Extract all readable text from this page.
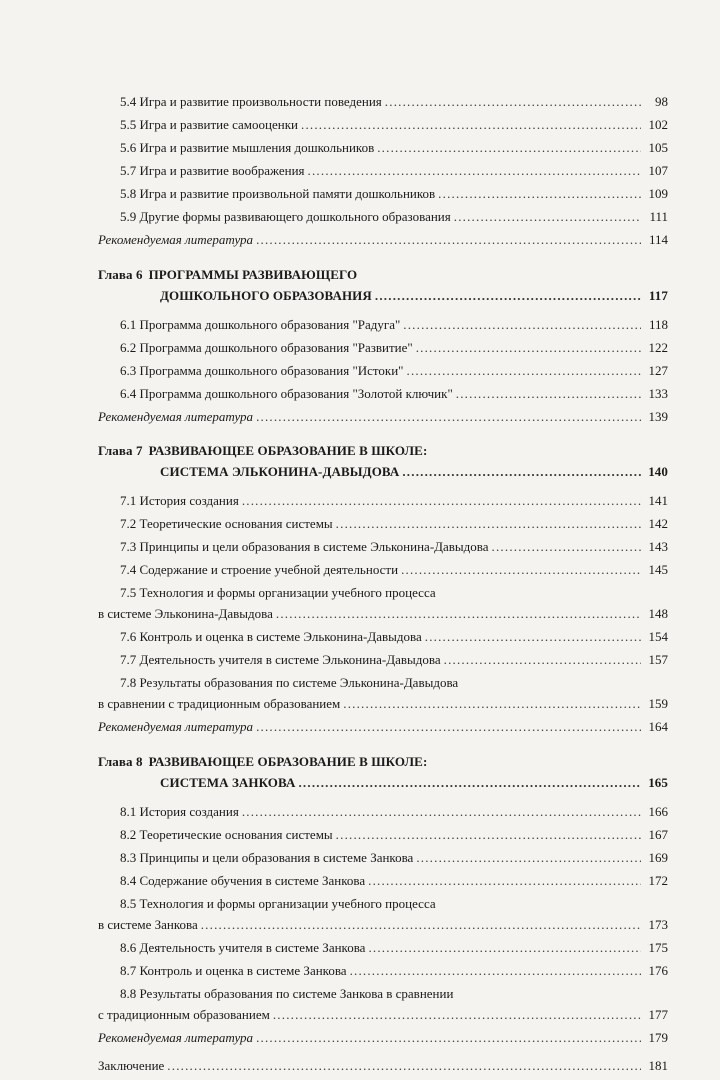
5.4 Игра и развитие произвольности поведения .....	98
5.5 Игра и развитие самооценки .....	102
5.6 Игра и развитие мышления дошкольников .....	105
5.7 Игра и развитие воображения .....	107
5.8 Игра и развитие произвольной памяти дошкольников .....	109
5.9 Другие формы развивающего дошкольного образования .....	111
Рекомендуемая литература .....	114
Глава 6 ПРОГРАММЫ РАЗВИВАЮЩЕГО
ДОШКОЛЬНОГО ОБРАЗОВАНИЯ .....	117
6.1 Программа дошкольного образования "Радуга" .....	118
6.2 Программа дошкольного образования "Развитие" .....	122
6.3 Программа дошкольного образования "Истоки" .....	127
6.4 Программа дошкольного образования "Золотой ключик" .....	133
Рекомендуемая литература .....	139
Глава 7 РАЗВИВАЮЩЕЕ ОБРАЗОВАНИЕ В ШКОЛЕ:
СИСТЕМА ЭЛЬКОНИНА-ДАВЫДОВА .....	140
7.1 История создания .....	141
7.2 Теоретические основания системы .....	142
7.3 Принципы и цели образования в системе Эльконина-Давыдова .....	143
7.4 Содержание и строение учебной деятельности .....	145
7.5 Технология и формы организации учебного процесса
в системе Эльконина-Давыдова .....	148
7.6 Контроль и оценка в системе Эльконина-Давыдова .....	154
7.7 Деятельность учителя в системе Эльконина-Давыдова .....	157
7.8 Результаты образования по системе Эльконина-Давыдова
в сравнении с традиционным образованием .....	159
Рекомендуемая литература .....	164
Глава 8 РАЗВИВАЮЩЕЕ ОБРАЗОВАНИЕ В ШКОЛЕ:
СИСТЕМА ЗАНКОВА .....	165
8.1 История создания .....	166
8.2 Теоретические основания системы .....	167
8.3 Принципы и цели образования в системе Занкова .....	169
8.4 Содержание обучения в системе Занкова .....	172
8.5 Технология и формы организации учебного процесса
в системе Занкова .....	173
8.6 Деятельность учителя в системе Занкова .....	175
8.7 Контроль и оценка в системе Занкова .....	176
8.8 Результаты образования по системе Занкова в сравнении
с традиционным образованием .....	177
Рекомендуемая литература .....	179
Заключение .....	181
